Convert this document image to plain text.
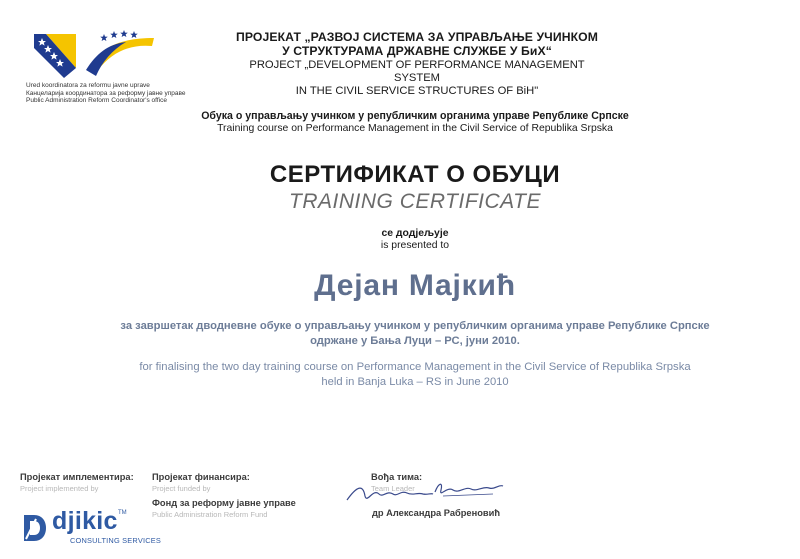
Ured koordinatora za reformu javne uprave
Канцеларија координатора за реформу јавне управе
Public Administration Reform Coordinator's office
ПРОЈЕКАТ „РАЗВОЈ СИСТЕМА ЗА УПРАВЉАЊЕ УЧИНКОМ
У СТРУКТУРАМА ДРЖАВНЕ СЛУЖБЕ У БиХ“
PROJECT „DEVELOPMENT OF PERFORMANCE MANAGEMENT SYSTEM
IN THE CIVIL SERVICE STRUCTURES OF BiH"
Обука о управљању учинком у републичким органима управе Републике Српске
Training course on Performance Management in the Civil Service of Republika Srpska
СЕРТИФИКАТ О ОБУЦИ
TRAINING CERTIFICATE
се додјељује
is presented to
Дејан Мајкић
за завршетак дводневне обуке о управљању учинком у републичким органима управе Републике Српске
одржане у Бањa Луци – РС, јуни 2010.
for finalising the two day training course on Performance Management in the Civil Service of Republika Srpska
held in Banja Luka – RS in June 2010
Пројекат имплементира:
Project implemented by
Пројекат финансира:
Project funded by
Фонд за реформу јавне управе
Public Administration Reform Fund
Вођа тима:
Team Leader
др Александра Рабреновић
djikic TM
CONSULTING SERVICES
